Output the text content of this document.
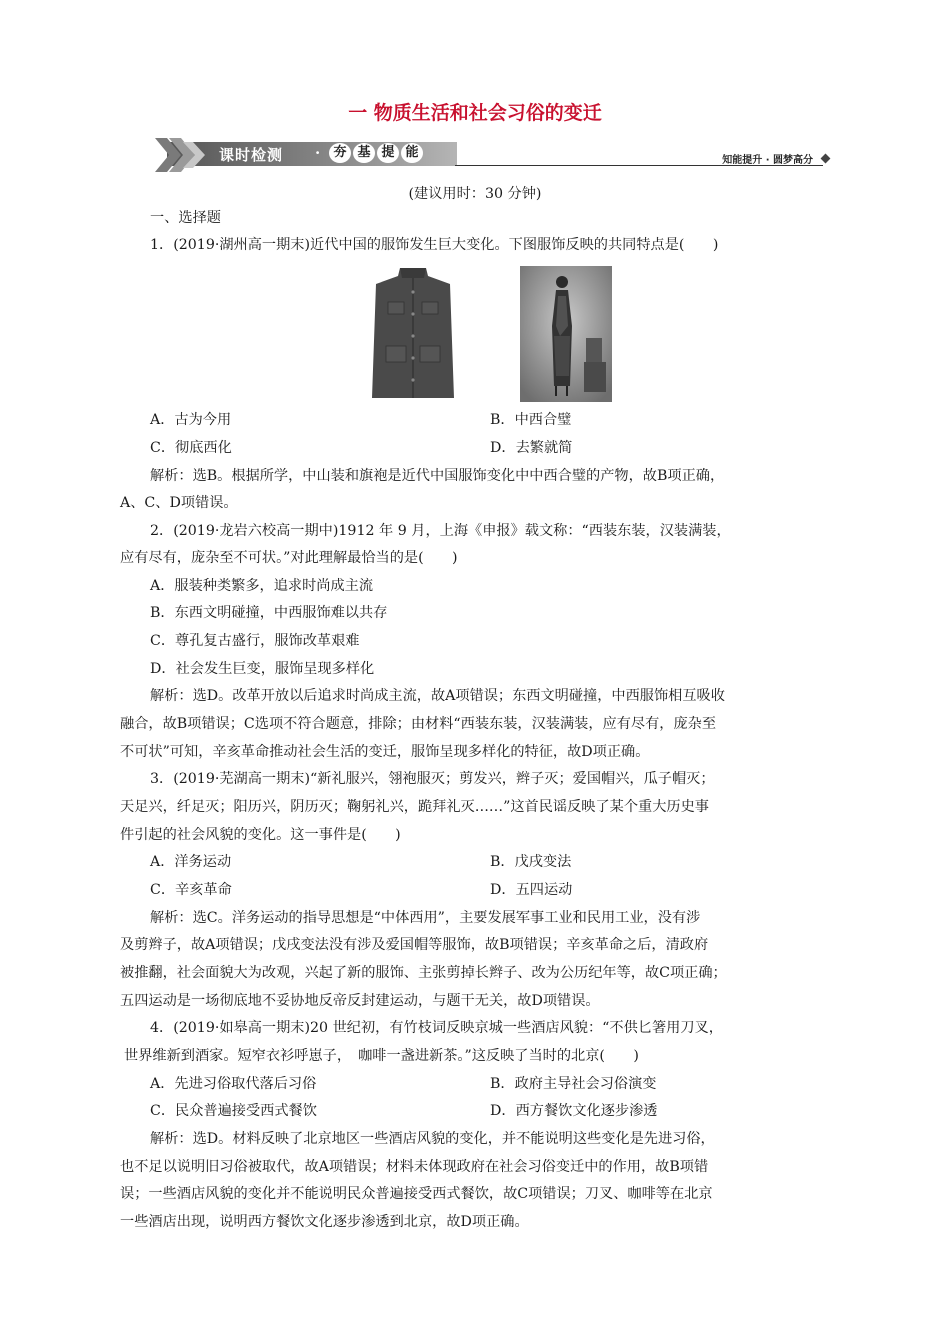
一 物质生活和社会习俗的变迁
课时检测 ·	夯 基 提 能
知能提升 · 圆梦高分
(建议用时：30 分钟)
一、选择题
1．(2019·湖州高一期末)近代中国的服饰发生巨大变化。下图服饰反映的共同特点是(　　)
A．古为今用	B．中西合璧
C．彻底西化	D．去繁就简
解析：选B。根据所学，中山装和旗袍是近代中国服饰变化中中西合璧的产物，故B项正确，
A、C、D项错误。
2．(2019·龙岩六校高一期中)1912 年 9 月，上海《申报》载文称：“西装东装，汉装满装，
应有尽有，庞杂至不可状。”对此理解最恰当的是(　　)
A．服装种类繁多，追求时尚成主流
B．东西文明碰撞，中西服饰难以共存
C．尊孔复古盛行，服饰改革艰难
D．社会发生巨变，服饰呈现多样化
解析：选D。改革开放以后追求时尚成主流，故A项错误；东西文明碰撞，中西服饰相互吸收
融合，故B项错误；C选项不符合题意，排除；由材料“西装东装，汉装满装，应有尽有，庞杂至
不可状”可知，辛亥革命推动社会生活的变迁，服饰呈现多样化的特征，故D项正确。
3．(2019·芜湖高一期末)“新礼服兴，翎袍服灭；剪发兴，辫子灭；爱国帽兴，瓜子帽灭；
天足兴，纤足灭；阳历兴，阴历灭；鞠躬礼兴，跪拜礼灭……”这首民谣反映了某个重大历史事
件引起的社会风貌的变化。这一事件是(　　)
A．洋务运动	B．戊戌变法
C．辛亥革命	D．五四运动
解析：选C。洋务运动的指导思想是“中体西用”，主要发展军事工业和民用工业，没有涉
及剪辫子，故A项错误；戊戌变法没有涉及爱国帽等服饰，故B项错误；辛亥革命之后，清政府
被推翻，社会面貌大为改观，兴起了新的服饰、主张剪掉长辫子、改为公历纪年等，故C项正确；
五四运动是一场彻底地不妥协地反帝反封建运动，与题干无关，故D项错误。
4．(2019·如皋高一期末)20 世纪初，有竹枝词反映京城一些酒店风貌：“不供匕箸用刀叉，
世界维新到酒家。短窄衣衫呼崽子，　咖啡一盏进新茶。”这反映了当时的北京(　　)
A．先进习俗取代落后习俗	B．政府主导社会习俗演变
C．民众普遍接受西式餐饮	D．西方餐饮文化逐步渗透
解析：选D。材料反映了北京地区一些酒店风貌的变化，并不能说明这些变化是先进习俗，
也不足以说明旧习俗被取代，故A项错误；材料未体现政府在社会习俗变迁中的作用，故B项错
误；一些酒店风貌的变化并不能说明民众普遍接受西式餐饮，故C项错误；刀叉、咖啡等在北京
一些酒店出现，说明西方餐饮文化逐步渗透到北京，故D项正确。
